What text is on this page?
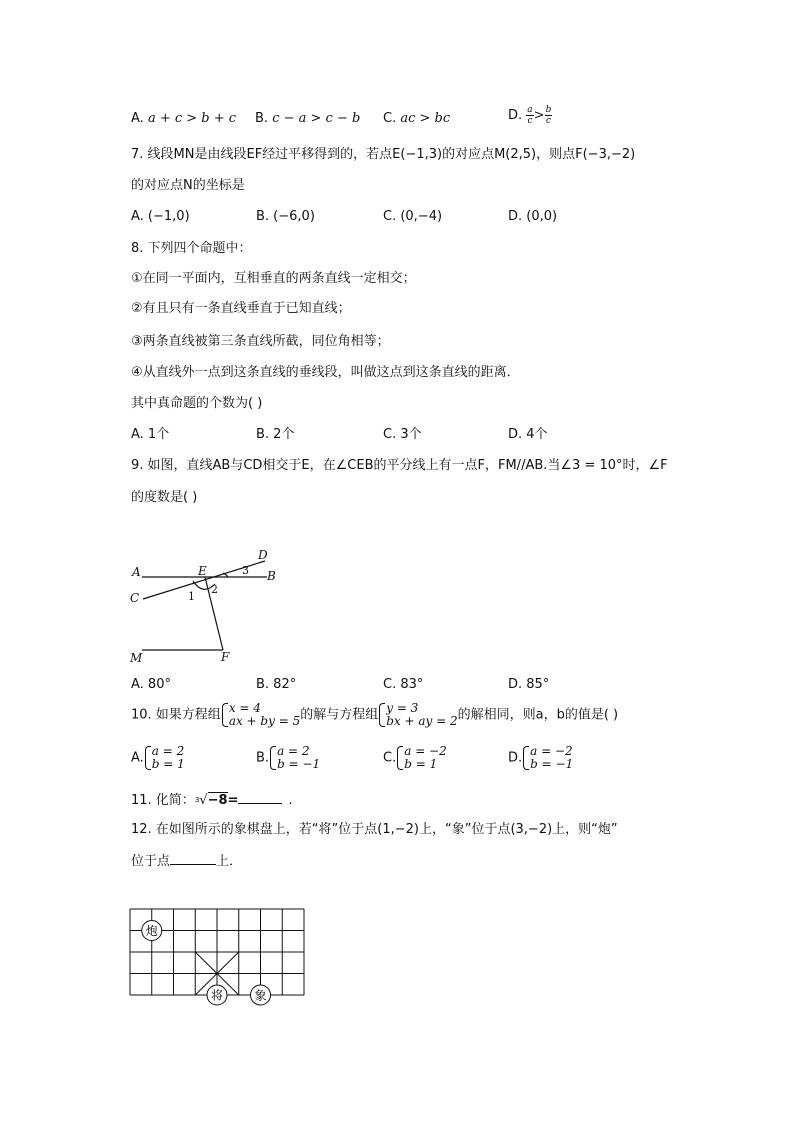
A. a + c > b + c B. c − a > c − b C. ac > bc	D. $\frac{a}{c} > \frac{b}{c}$
7. 线段MN是由线段EF经过平移得到的，若点E(−1,3)的对应点M(2,5)，则点F(−3,−2)
的对应点N的坐标是
A. (−1,0)	B. (−6,0)	C. (0,−4)	D. (0,0)
8. 下列四个命题中：
①在同一平面内，互相垂直的两条直线一定相交；
②有且只有一条直线垂直于已知直线；
③两条直线被第三条直线所截，同位角相等；
④从直线外一点到这条直线的垂线段，叫做这点到这条直线的距离．
其中真命题的个数为( )
A. 1个	B. 2个	C. 3个	D. 4个
9. 如图，直线AB与CD相交于E，在∠CEB的平分线上有一点F，FM//AB.当∠3 = 10°时，∠F
的度数是( )
A	B
C
D
E
F
M
1
2
3
A. 80°	B. 82°	C. 83°	D. 85°
10. 如果方程组 x = 4
ax + by = 5 的解与方程组 y = 3
bx + ay = 2 的解相同，则a，b的值是( )
A. a = 2
b = 1	B. a = 2
b = −1	C. a = −2
b = 1	D. a = −2
b = −1
11. 化简：$^3$√−8=	.
12. 在如图所示的象棋盘上，若“将”位于点(1,−2)上，“象”位于点(3,−2)上，则“炮”
位于点	上．
炮
将	象
